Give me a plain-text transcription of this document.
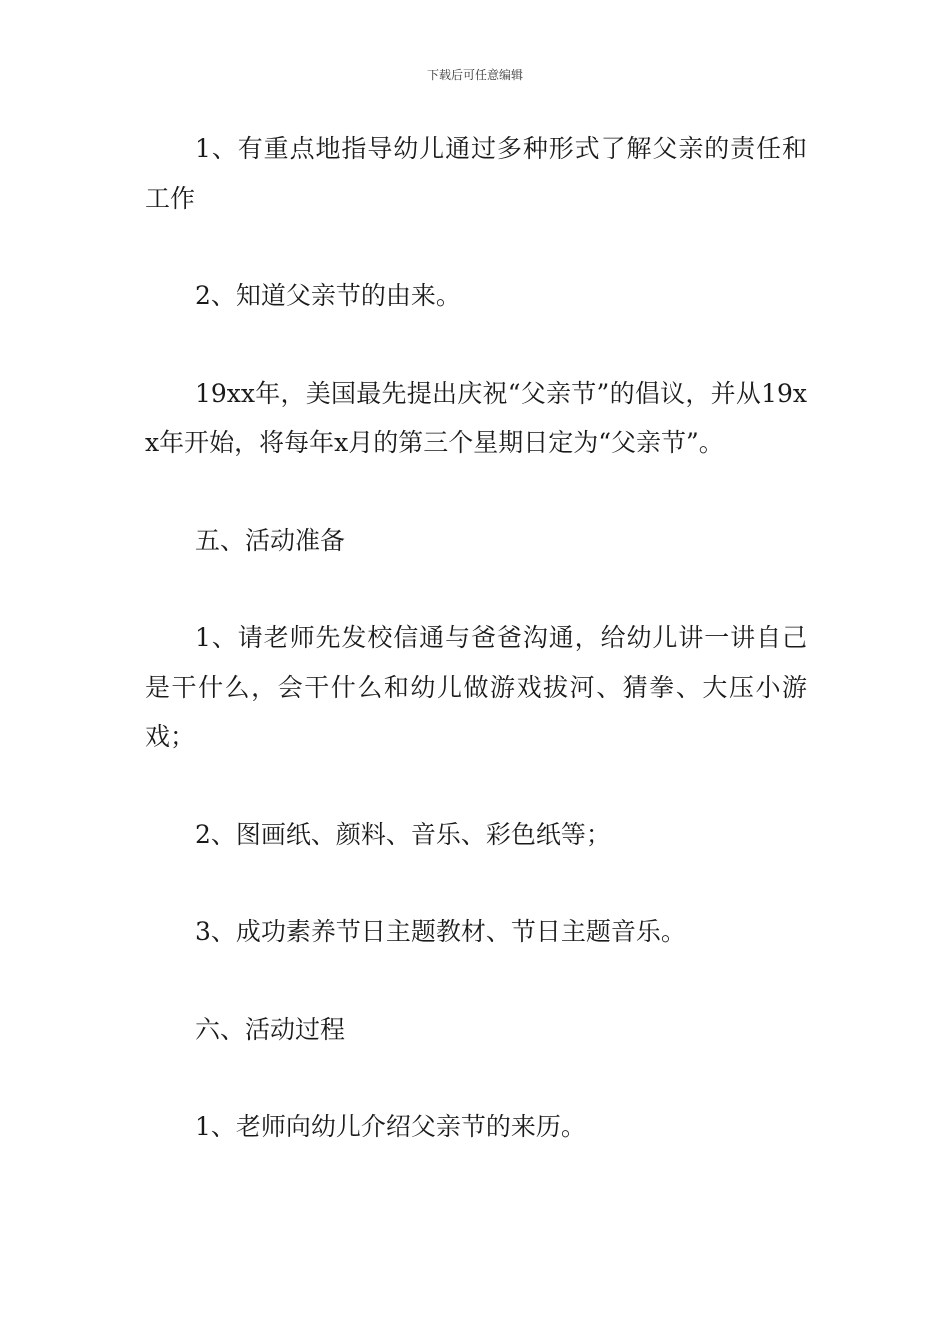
下载后可任意编辑

1、有重点地指导幼儿通过多种形式了解父亲的责任和工作

2、知道父亲节的由来。

19xx年，美国最先提出庆祝“父亲节”的倡议，并从19xx年开始，将每年x月的第三个星期日定为“父亲节”。

五、活动准备

1、请老师先发校信通与爸爸沟通，给幼儿讲一讲自己是干什么，会干什么和幼儿做游戏拔河、猜拳、大压小游戏；

2、图画纸、颜料、音乐、彩色纸等；

3、成功素养节日主题教材、节日主题音乐。

六、活动过程

1、老师向幼儿介绍父亲节的来历。
